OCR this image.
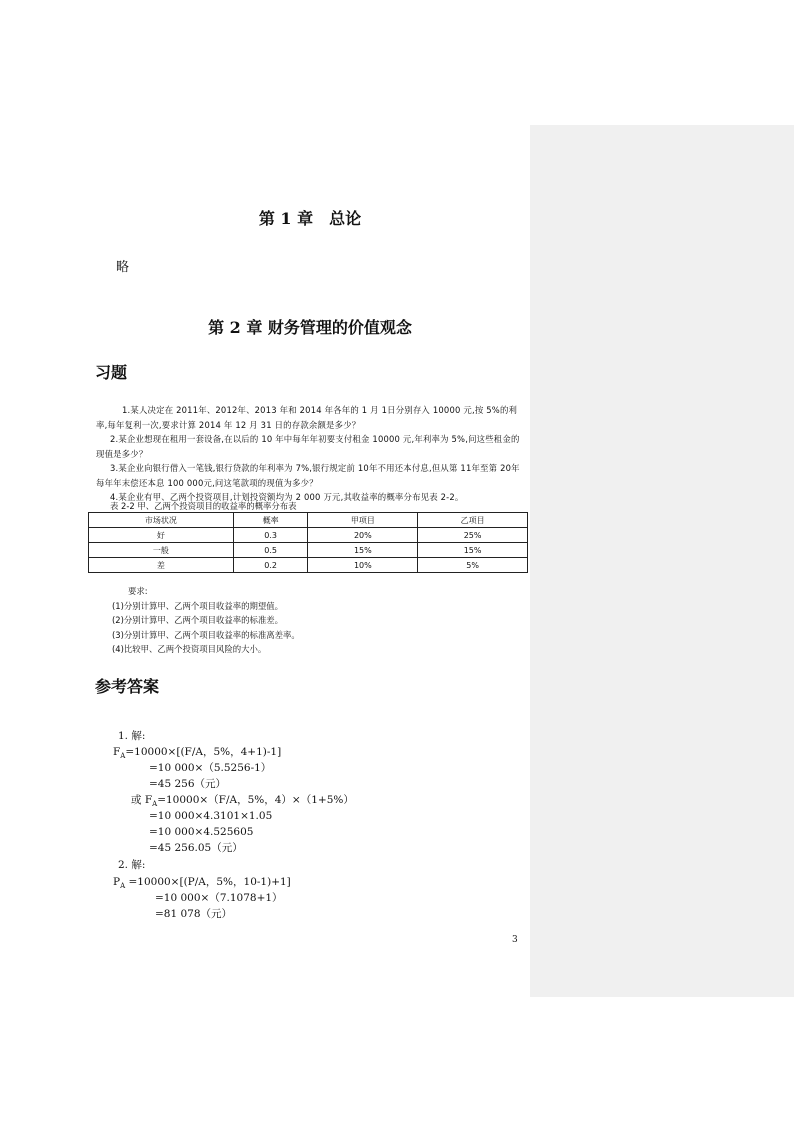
第 1 章　总论
略
第 2 章 财务管理的价值观念
习题

1.某人决定在 2011年、2012年、2013 年和 2014 年各年的 1 月 1日分别存入 10000 元,按 5%的利率,每年复利一次,要求计算 2014 年 12 月 31 日的存款余额是多少？

2.某企业想现在租用一套设备,在以后的 10 年中每年年初要支付租金 10000 元,年利率为 5%,问这些租金的现值是多少？

3.某企业向银行借入一笔钱,银行贷款的年利率为 7%,银行规定前 10年不用还本付息,但从第 11年至第 20年每年年末偿还本息 100 000元,问这笔款项的现值为多少？

4.某企业有甲、乙两个投资项目,计划投资额均为 2 000 万元,其收益率的概率分布见表 2-2。

表 2-2 甲、乙两个投资项目的收益率的概率分布表
市场状况	概率	甲项目	乙项目
好	0.3	20%	25%
一般	0.5	15%	15%
差	0.2	10%	5%

要求:

(1)分别计算甲、乙两个项目收益率的期望值。

(2)分别计算甲、乙两个项目收益率的标准差。

(3)分别计算甲、乙两个项目收益率的标准离差率。

(4)比较甲、乙两个投资项目风险的大小。

参考答案
1. 解:
$F_A=10000\times[(F/A$，5%，4+1)-1]
=10 000×（5.5256-1）
=45 256（元）
或 $F_A=10000\times(F/A$，5%，4）×（1+5%）
=10 000×4.3101×1.05
=10 000×4.525605
=45 256.05（元）
2. 解:
$P_A =10000\times[(P/A$，5%，10-1)+1]
=10 000×（7.1078+1）
=81 078（元）
3
